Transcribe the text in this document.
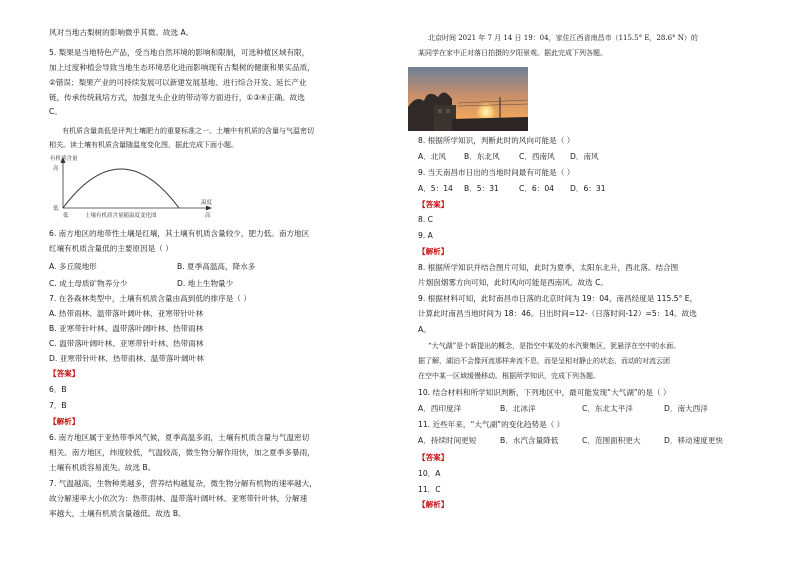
风对当地古梨树的影响微乎其微。故选 A。
5. 梨果是当地特色产品，受当地自然环境的影响和限制，可选种植区域有限，
加上过度种植会导致当地生态环境恶化进而影响现有古梨树的健康和果实品质，
②错误；梨果产业的可持续发展可以新建发展基地、进行综合开发、延长产业
链，传承传统栽培方式，加强龙头企业的带动等方面进行，①③④正确。故选
C。
有机质含量高低是评判土壤肥力的重要标准之一。土壤中有机质的含量与气温密切
相关。读土壤有机质含量随温度变化图，据此完成下面小题。
有机质含量
高
低
低
温度
高
土壤有机质含量随温度变化图
6. 南方地区的地带性土壤是红壤，其土壤有机质含量较少，肥力低。南方地区
红壤有机质含量低的主要原因是（ ）
A. 多丘陵地形	B. 夏季高温高，降水多
C. 成土母质矿物养分少	D. 地上生物量少
7. 在各森林类型中，土壤有机质含量由高到低的排序是（ ）
A. 热带雨林、温带落叶阔叶林、亚寒带针叶林
B. 亚寒带针叶林、温带落叶阔叶林、热带雨林
C. 温带落叶阔叶林、亚寒带针叶林、热带雨林
D. 亚寒带针叶林、热带雨林、温带落叶阔叶林
【答案】
6．B
7．B
【解析】
6. 南方地区属于亚热带季风气候，夏季高温多雨，土壤有机质含量与气温密切
相关。南方地区，纬度较低，气温较高，微生物分解作用快，加之夏季多暴雨，
土壤有机质容易流失。故选 B。
7. 气温越高，生物种类越多，营养结构越复杂，微生物分解有机物的速率越大，
故分解速率大小依次为：热带雨林、温带落叶阔叶林、亚寒带针叶林，分解速
率越大，土壤有机质含量越低。故选 B。
北京时间 2021 年 7 月 14 日 19：04，家住江西省南昌市（115.5° E，28.6° N）的
某同学在家中正对落日拍摄的夕阳景观。据此完成下列各题。
8. 根据所学知识，判断此时的风向可能是（ ）
A．北风 B．东北风	C．西南风 D．南风
9. 当天南昌市日出的当地时间最有可能是（ ）
A．5：14 B．5：31	C．6：04 D．6：31
【答案】
8. C
9. A
【解析】
8. 根据所学知识并结合图片可知，此时为夏季，太阳东北升，西北落。结合图
片烟囱烟雾方向可知，此时风向可能是西南风。故选 C。
9. 根据材料可知，此时南昌市日落的北京时间为 19：04，南昌经度是 115.5° E，
计算此时南昌当地时间为 18：46。日出时间=12-（日落时间-12）=5：14。故选
A。
“大气湖”是个新提出的概念，是指空中某处的水汽聚集区，犹悬浮在空中的水面。
据了解，湖泊不会像河流那样奔流不息，而是呈相对静止的状态，而动的对流云团
在空中某一区域缓慢移动。根据所学知识，完成下列各题。
10. 结合材料和所学知识判断，下列地区中，最可能发现“大气湖”的是（ ）
A．西印度洋	B．北冰洋	C．东北太平洋	D．南大西洋
11. 近些年来，“大气湖”的变化趋势是（ ）
A．持续时间更短	B．水汽含量降低	C．范围面积更大	D．移动速度更快
【答案】
10．A
11．C
【解析】
